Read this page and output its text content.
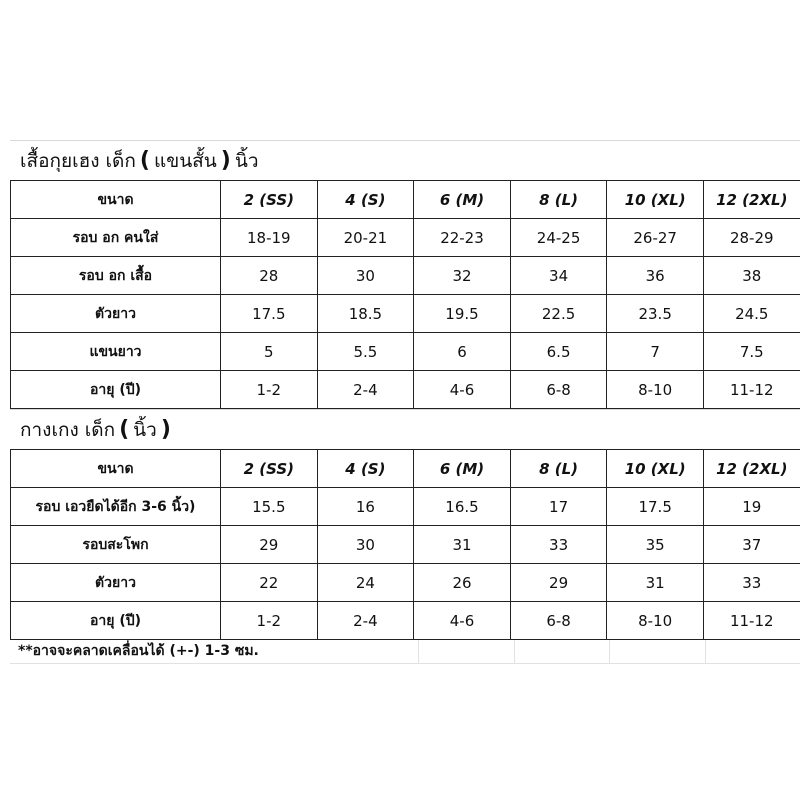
เสื้อกุยเฮง เด็ก ( แขนสั้น ) นิ้ว
ขนาด	2 (SS)	4 (S)	6 (M)	8 (L)	10 (XL)	12 (2XL)
รอบ อก คนใส่	18-19	20-21	22-23	24-25	26-27	28-29
รอบ อก เสื้อ	28	30	32	34	36	38
ตัวยาว	17.5	18.5	19.5	22.5	23.5	24.5
แขนยาว	5	5.5	6	6.5	7	7.5
อายุ (ปี)	1-2	2-4	4-6	6-8	8-10	11-12
กางเกง เด็ก ( นิ้ว )
ขนาด	2 (SS)	4 (S)	6 (M)	8 (L)	10 (XL)	12 (2XL)
รอบ เอวยืดได้อีก 3-6 นิ้ว)	15.5	16	16.5	17	17.5	19
รอบสะโพก	29	30	31	33	35	37
ตัวยาว	22	24	26	29	31	33
อายุ (ปี)	1-2	2-4	4-6	6-8	8-10	11-12
**อาจจะคลาดเคลื่อนได้ (+-) 1-3 ซม.
